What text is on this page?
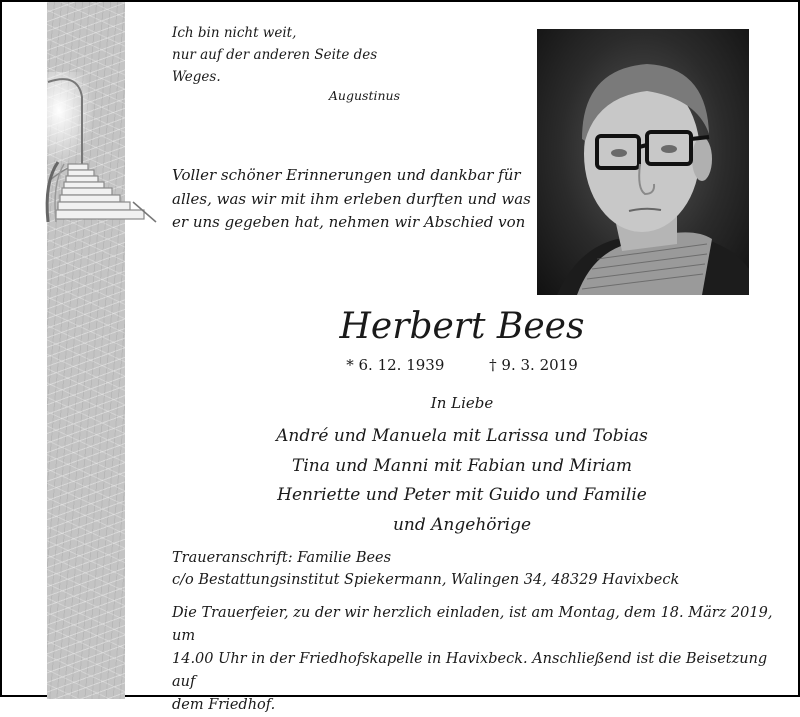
Ich bin nicht weit,
nur auf der anderen Seite des Weges.
Augustinus
Voller schöner Erinnerungen und dankbar für
alles, was wir mit ihm erleben durften und was
er uns gegeben hat, nehmen wir Abschied von
Herbert Bees
* 6. 12. 1939	† 9. 3. 2019
In Liebe
André und Manuela mit Larissa und Tobias
Tina und Manni mit Fabian und Miriam
Henriette und Peter mit Guido und Familie
und Angehörige
Traueranschrift: Familie Bees
c/o Bestattungsinstitut Spiekermann, Walingen 34, 48329 Havixbeck
Die Trauerfeier, zu der wir herzlich einladen, ist am Montag, dem 18. März 2019, um
14.00 Uhr in der Friedhofskapelle in Havixbeck. Anschließend ist die Beisetzung auf
dem Friedhof.
